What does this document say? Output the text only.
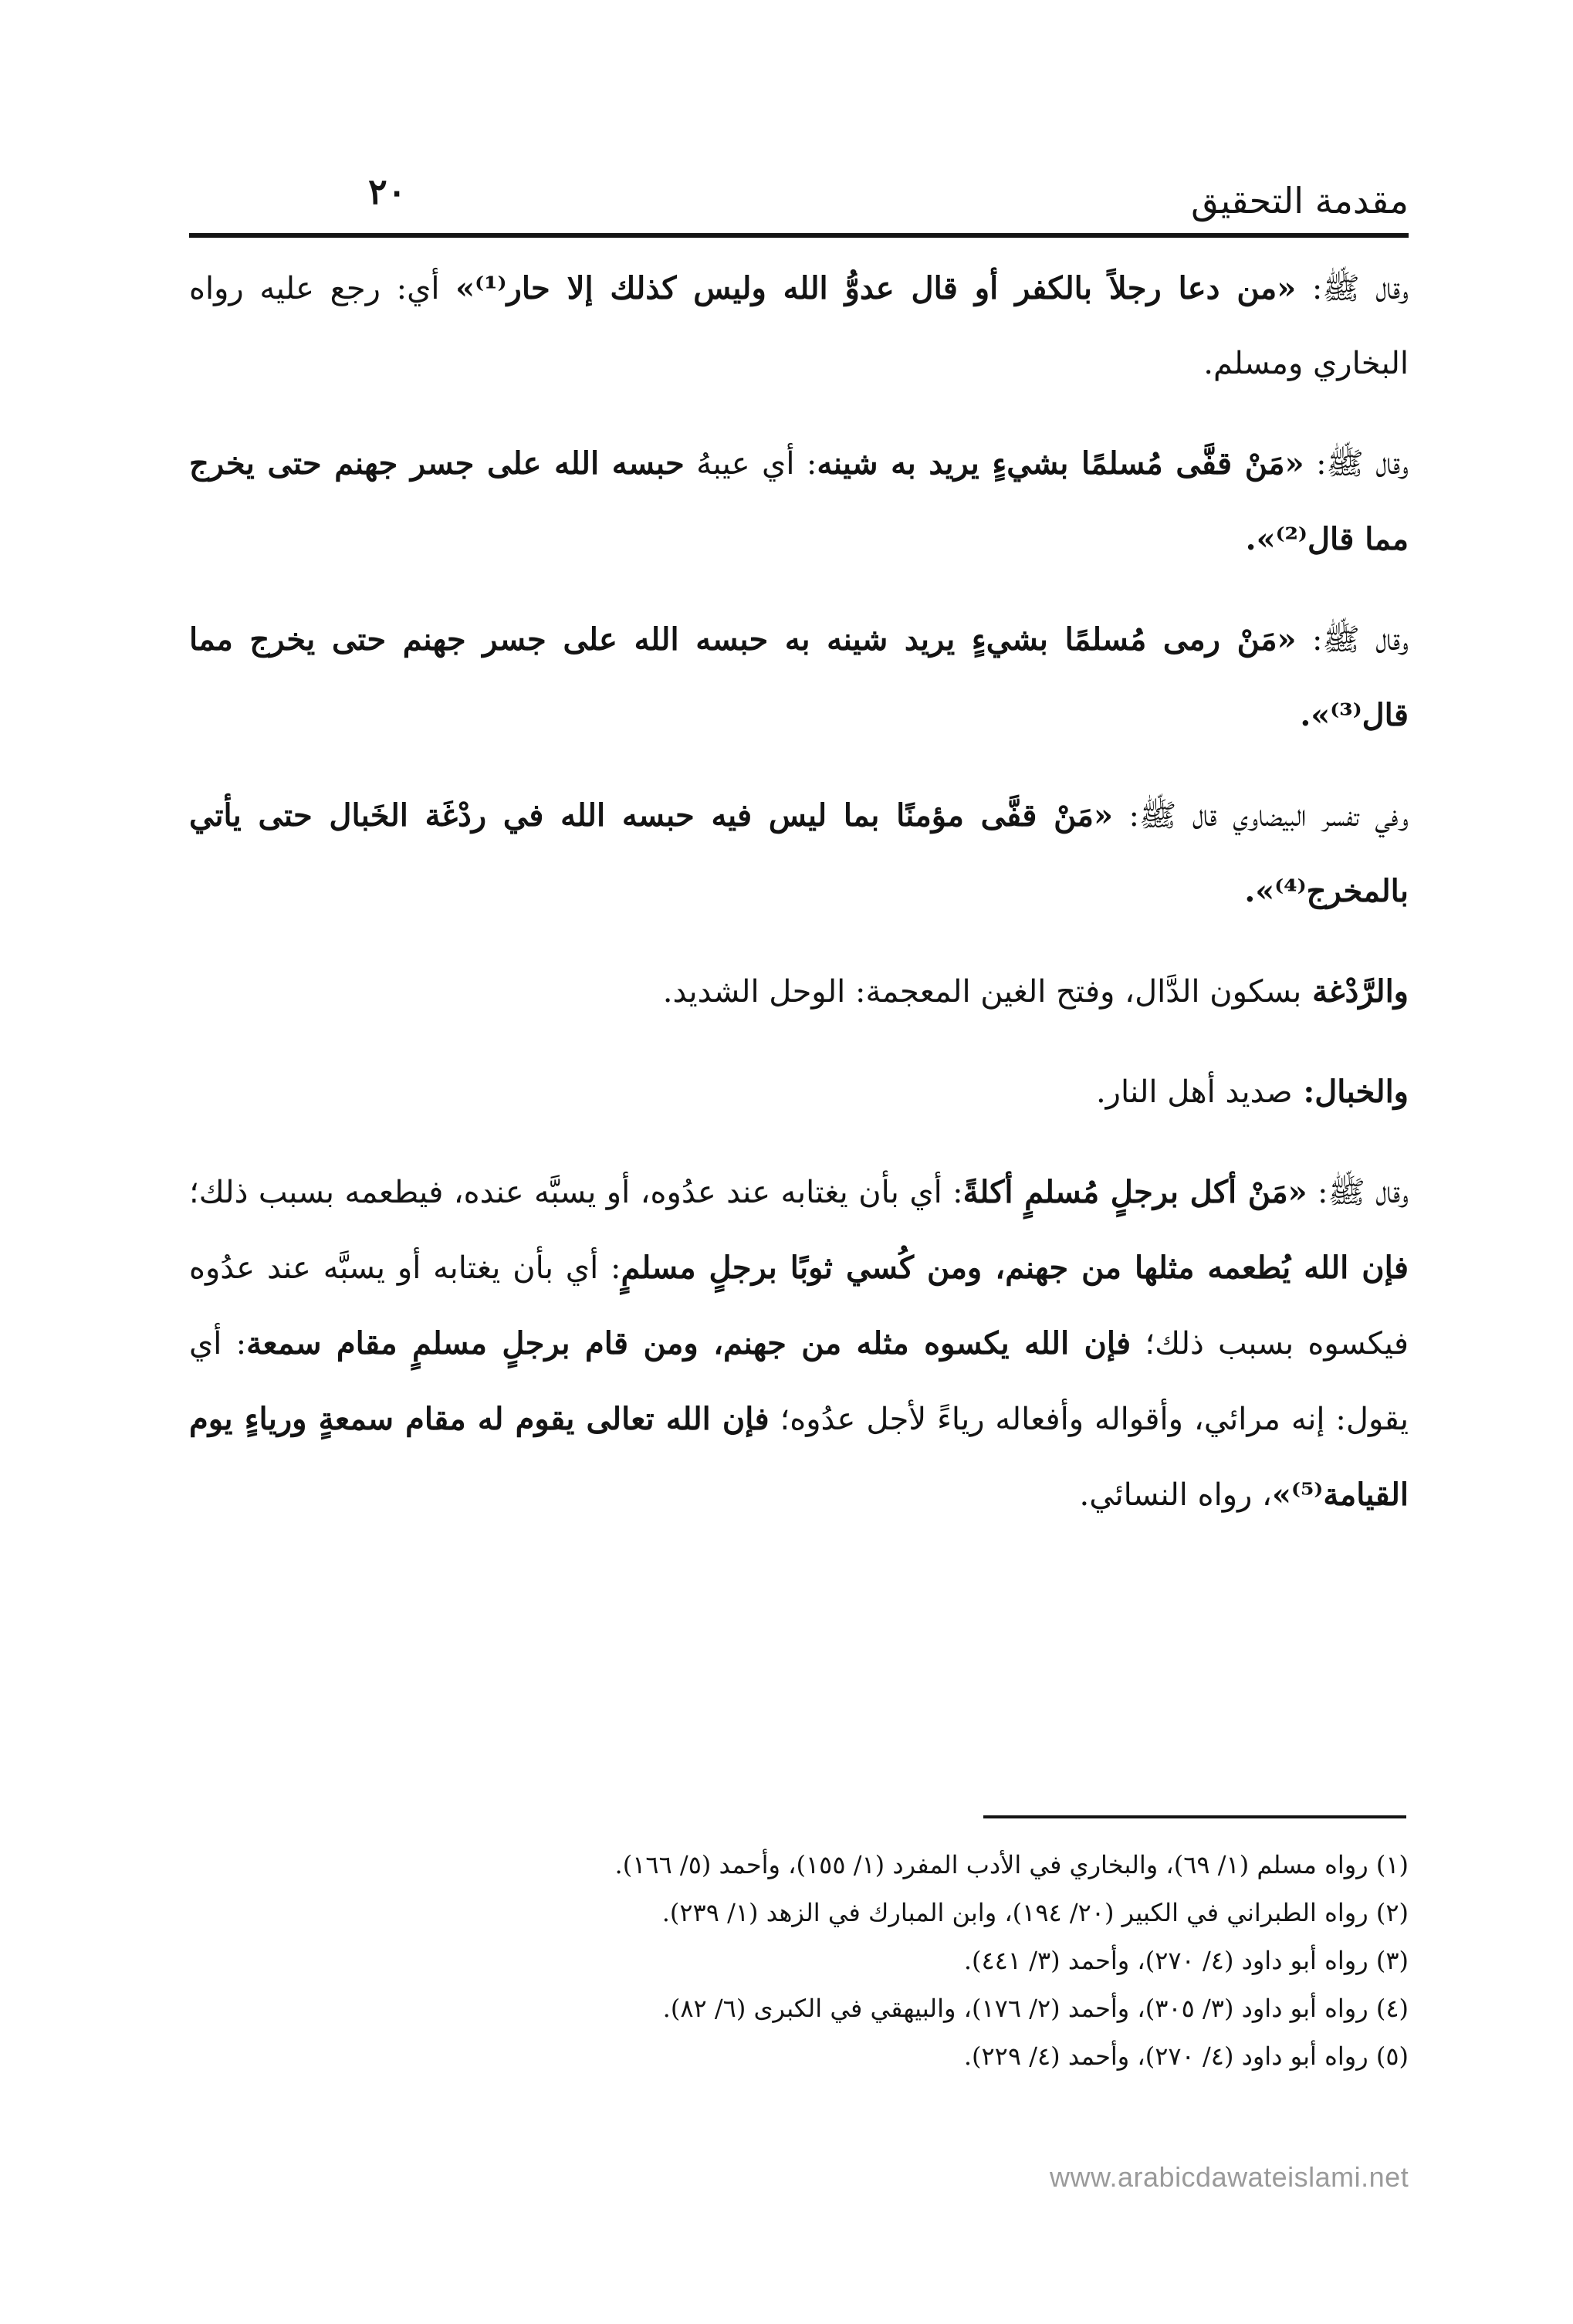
مقدمة التحقيق
٢٠

وقال ﷺ: «من دعا رجلاً بالكفر أو قال عدوُّ الله وليس كذلك إلا حار⁽¹⁾» أي: رجع عليه رواه البخاري ومسلم.

وقال ﷺ: «مَنْ قفَّى مُسلمًا بشيءٍ يريد به شينه: أي عيبهُ حبسه الله على جسر جهنم حتى يخرج مما قال⁽²⁾».

وقال ﷺ: «مَنْ رمى مُسلمًا بشيءٍ يريد شينه به حبسه الله على جسر جهنم حتى يخرج مما قال⁽³⁾».

وفي تفسر البيضاوي قال ﷺ: «مَنْ قفَّى مؤمنًا بما ليس فيه حبسه الله في ردْغَة الخَبال حتى يأتي بالمخرج⁽⁴⁾».

والرَّدْغة بسكون الدَّال، وفتح الغين المعجمة: الوحل الشديد.

والخبال: صديد أهل النار.

وقال ﷺ: «مَنْ أكل برجلٍ مُسلمٍ أكلةً: أي بأن يغتابه عند عدُوه، أو يسبَّه عنده، فيطعمه بسبب ذلك؛ فإن الله يُطعمه مثلها من جهنم، ومن كُسي ثوبًا برجلٍ مسلمٍ: أي بأن يغتابه أو يسبَّه عند عدُوه فيكسوه بسبب ذلك؛ فإن الله يكسوه مثله من جهنم، ومن قام برجلٍ مسلمٍ مقام سمعة: أي يقول: إنه مرائي، وأقواله وأفعاله رياءً لأجل عدُوه؛ فإن الله تعالى يقوم له مقام سمعةٍ ورياءٍ يوم القيامة⁽⁵⁾»، رواه النسائي.

(١) رواه مسلم (١/ ٦٩)، والبخاري في الأدب المفرد (١/ ١٥٥)، وأحمد (٥/ ١٦٦).

(٢) رواه الطبراني في الكبير (٢٠/ ١٩٤)، وابن المبارك في الزهد (١/ ٢٣٩).

(٣) رواه أبو داود (٤/ ٢٧٠)، وأحمد (٣/ ٤٤١).

(٤) رواه أبو داود (٣/ ٣٠٥)، وأحمد (٢/ ١٧٦)، والبيهقي في الكبرى (٦/ ٨٢).

(٥) رواه أبو داود (٤/ ٢٧٠)، وأحمد (٤/ ٢٢٩).

www.arabicdawateislami.net
